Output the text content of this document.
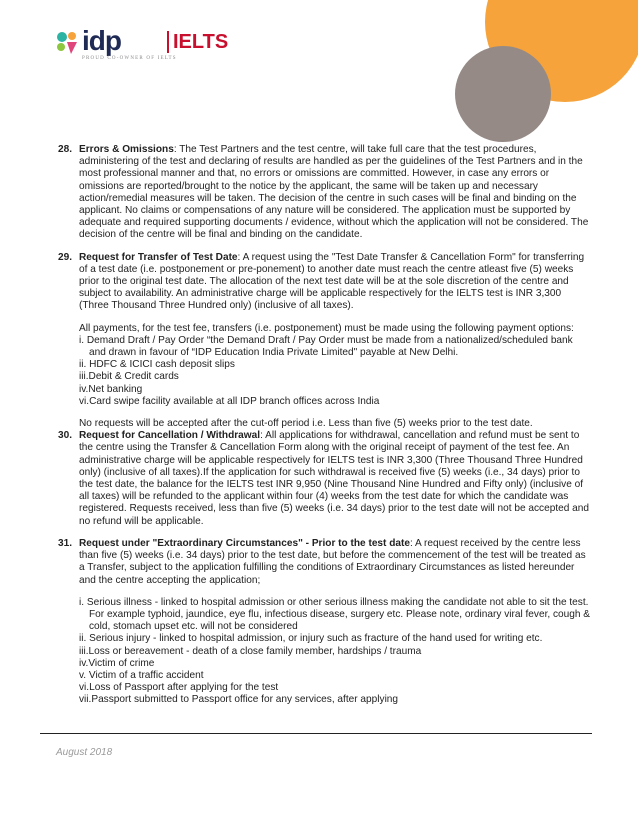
idp	IELTS
PROUD CO-OWNER OF IELTS
28. Errors & Omissions: The Test Partners and the test centre, will take full care that the test procedures, administering of the test and declaring of results are handled as per the guidelines of the Test Partners and in the most professional manner and that, no errors or omissions are committed. However, in case any errors or omissions are reported/brought to the notice by the applicant, the same will be taken up and necessary action/remedial measures will be taken. The decision of the centre in such cases will be final and binding on the applicant. No claims or compensations of any nature will be considered. The application must be supported by adequate and required supporting documents / evidence, without which the application will not be considered. The decision of the centre will be final and binding on the candidate.

29. Request for Transfer of Test Date: A request using the "Test Date Transfer & Cancellation Form" for transferring of a test date (i.e. postponement or pre-ponement) to another date must reach the centre atleast five (5) weeks prior to the original test date. The allocation of the next test date will be at the sole discretion of the centre and subject to availability. An administrative charge will be applicable respectively for the IELTS test is INR 3,300 (Three Thousand Three Hundred only) (inclusive of all taxes).

All payments, for the test fee, transfers (i.e. postponement) must be made using the following payment options:

i. Demand Draft / Pay Order “the Demand Draft / Pay Order must be made from a nationalized/scheduled bank and drawn in favour of “IDP Education India Private Limited" payable at New Delhi.

ii. HDFC & ICICI cash deposit slips

iii.Debit & Credit cards

iv.Net banking

vi.Card swipe facility available at all IDP branch offices across India

No requests will be accepted after the cut-off period i.e. Less than five (5) weeks prior to the test date.

30. Request for Cancellation / Withdrawal: All applications for withdrawal, cancellation and refund must be sent to the centre using the Transfer & Cancellation Form along with the original receipt of payment of the test fee. An administrative charge will be applicable respectively for IELTS test is INR 3,300 (Three Thousand Three Hundred only) (inclusive of all taxes).If the application for such withdrawal is received five (5) weeks (i.e., 34 days) prior to the test date, the balance for the IELTS test INR 9,950 (Nine Thousand Nine Hundred and Fifty only) (inclusive of all taxes) will be refunded to the applicant within four (4) weeks from the test date for which the candidate was registered. Requests received, less than five (5) weeks (i.e. 34 days) prior to the test date will not be accepted and no refund will be applicable.

31. Request under "Extraordinary Circumstances" - Prior to the test date: A request received by the centre less than five (5) weeks (i.e. 34 days) prior to the test date, but before the commencement of the test will be treated as a Transfer, subject to the application fulfilling the conditions of Extraordinary Circumstances as listed hereunder and the centre accepting the application;

i. Serious illness - linked to hospital admission or other serious illness making the candidate not able to sit the test. For example typhoid, jaundice, eye flu, infectious disease, surgery etc. Please note, ordinary viral fever, cough & cold, stomach upset etc. will not be considered

ii. Serious injury - linked to hospital admission, or injury such as fracture of the hand used for writing etc.

iii.Loss or bereavement - death of a close family member, hardships / trauma

iv.Victim of crime

v. Victim of a traffic accident

vi.Loss of Passport after applying for the test

vii.Passport submitted to Passport office for any services, after applying

August 2018
